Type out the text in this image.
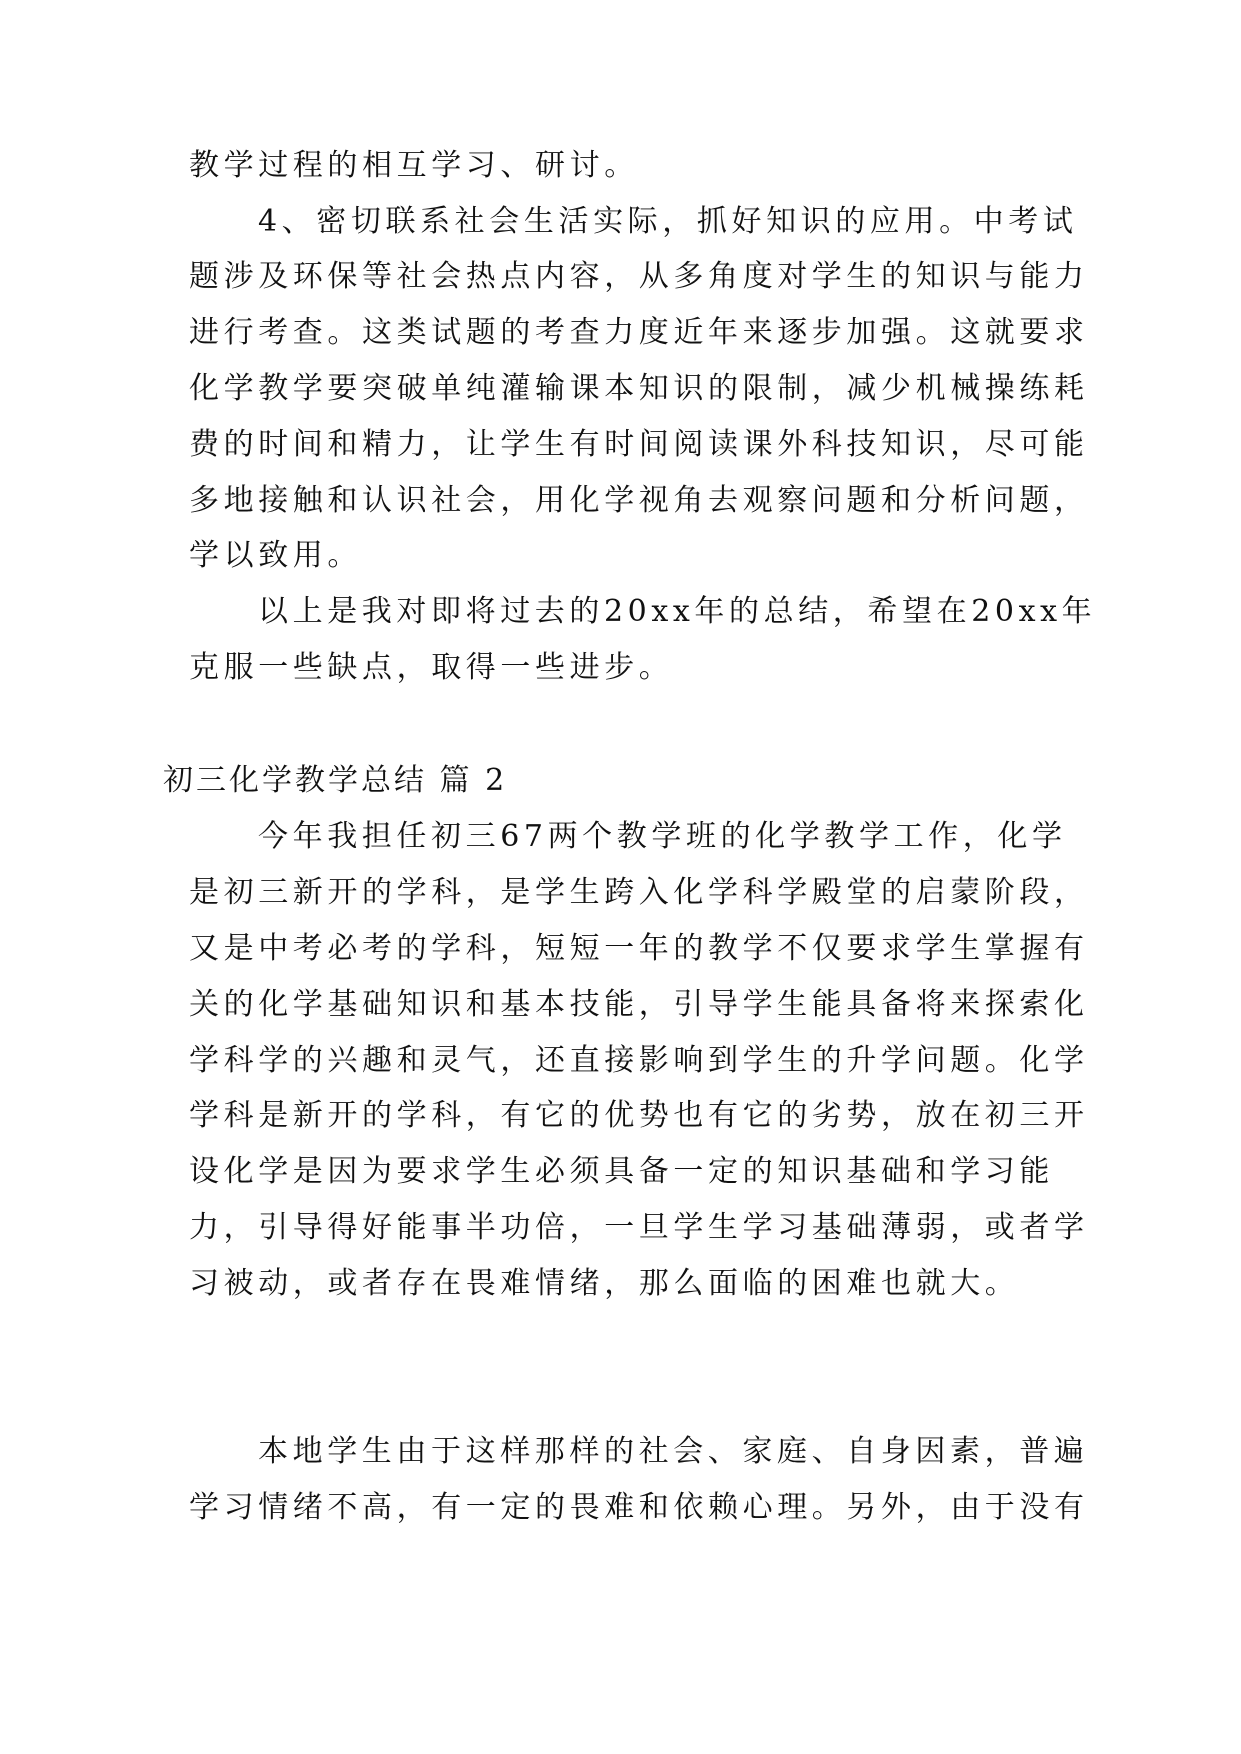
教学过程的相互学习、研讨。
4、密切联系社会生活实际，抓好知识的应用。中考试
题涉及环保等社会热点内容，从多角度对学生的知识与能力
进行考查。这类试题的考查力度近年来逐步加强。这就要求
化学教学要突破单纯灌输课本知识的限制，减少机械操练耗
费的时间和精力，让学生有时间阅读课外科技知识，尽可能
多地接触和认识社会，用化学视角去观察问题和分析问题，
学以致用。
以上是我对即将过去的20xx年的总结，希望在20xx年
克服一些缺点，取得一些进步。
初三化学教学总结 篇 2
今年我担任初三67两个教学班的化学教学工作，化学
是初三新开的学科，是学生跨入化学科学殿堂的启蒙阶段，
又是中考必考的学科，短短一年的教学不仅要求学生掌握有
关的化学基础知识和基本技能，引导学生能具备将来探索化
学科学的兴趣和灵气，还直接影响到学生的升学问题。化学
学科是新开的学科，有它的优势也有它的劣势，放在初三开
设化学是因为要求学生必须具备一定的知识基础和学习能
力，引导得好能事半功倍，一旦学生学习基础薄弱，或者学
习被动，或者存在畏难情绪，那么面临的困难也就大。
本地学生由于这样那样的社会、家庭、自身因素，普遍
学习情绪不高，有一定的畏难和依赖心理。另外，由于没有
